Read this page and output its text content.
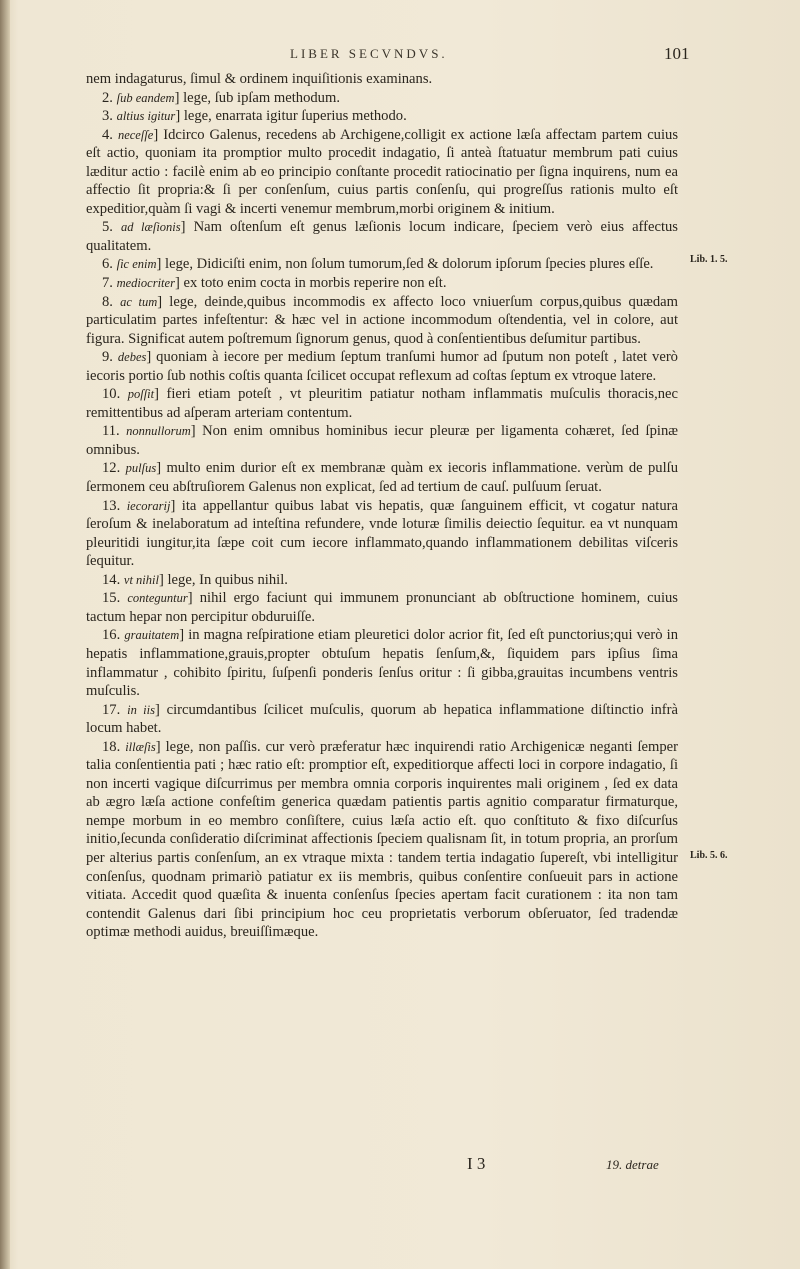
LIBER SECVNDVS.	101

nem indagaturus, ſimul & ordinem inquiſitionis examinans.

2. ſub eandem] lege, ſub ipſam methodum.

3. altius igitur] lege, enarrata igitur ſuperius methodo.

4. neceſſe] Idcirco Galenus, recedens ab Archigene,colligit ex actione læſa affectam partem cuius eſt actio, quoniam ita promptior multo procedit indagatio, ſi anteà ſtatuatur membrum pati cuius læditur actio : facilè enim ab eo principio conſtante procedit ratiocinatio per ſigna inquirens, num ea affectio ſit propria:& ſi per conſenſum, cuius partis conſenſu, qui progreſſus rationis multo eſt expeditior,quàm ſi vagi & incerti venemur membrum,morbi originem & initium.

5. ad læſionis] Nam oſtenſum eſt genus læſionis locum indicare, ſpeciem verò eius affectus qualitatem.

6. ſic enim] lege, Didiciſti enim, non ſolum tumorum,ſed & dolorum ipſorum ſpecies plures eſſe.

7. mediocriter] ex toto enim cocta in morbis reperire non eſt.

8. ac tum] lege, deinde,quibus incommodis ex affecto loco vniuerſum corpus,quibus quædam particulatim partes infeſtentur: & hæc vel in actione incommodum oſtendentia, vel in colore, aut figura. Significat autem poſtremum ſignorum genus, quod à conſentientibus deſumitur partibus.

9. debes] quoniam à iecore per medium ſeptum tranſumi humor ad ſputum non poteſt , latet verò iecoris portio ſub nothis coſtis quanta ſcilicet occupat reflexum ad coſtas ſeptum ex vtroque latere.

10. poſſit] fieri etiam poteſt , vt pleuritim patiatur notham inflammatis muſculis thoracis,nec remittentibus ad aſperam arteriam contentum.

11. nonnullorum] Non enim omnibus hominibus iecur pleuræ per ligamenta cohæret, ſed ſpinæ omnibus.

12. pulſus] multo enim durior eſt ex membranæ quàm ex iecoris inflammatione. verùm de pulſu ſermonem ceu abſtruſiorem Galenus non explicat, ſed ad tertium de cauſ. pulſuum ſeruat.

13. iecorarij] ita appellantur quibus labat vis hepatis, quæ ſanguinem efficit, vt cogatur natura ſeroſum & inelaboratum ad inteſtina refundere, vnde loturæ ſimilis deiectio ſequitur. ea vt nunquam pleuritidi iungitur,ita ſæpe coit cum iecore inflammato,quando inflammationem debilitas viſceris ſequitur.

14. vt nihil] lege, In quibus nihil.

15. conteguntur] nihil ergo faciunt qui immunem pronunciant ab obſtructione hominem, cuius tactum hepar non percipitur obduruiſſe.

16. grauitatem] in magna reſpiratione etiam pleuretici dolor acrior fit, ſed eſt punctorius;qui verò in hepatis inflammatione,grauis,propter obtuſum hepatis ſenſum,&, ſiquidem pars ipſius ſima inflammatur , cohibito ſpiritu, ſuſpenſi ponderis ſenſus oritur : ſi gibba,grauitas incumbens ventris muſculis.

17. in iis] circumdantibus ſcilicet muſculis, quorum ab hepatica inflammatione diſtinctio infrà locum habet.

18. illæſis] lege, non paſſis. cur verò præferatur hæc inquirendi ratio Archigenicæ neganti ſemper talia conſentientia pati ; hæc ratio eſt: promptior eſt, expeditiorque affecti loci in corpore indagatio, ſi non incerti vagique diſcurrimus per membra omnia corporis inquirentes mali originem , ſed ex data ab ægro læſa actione confeſtim generica quædam patientis partis agnitio comparatur firmaturque, nempe morbum in eo membro conſiſtere, cuius læſa actio eſt. quo conſtituto & fixo diſcurſus initio,ſecunda conſideratio diſcriminat affectionis ſpeciem qualisnam ſit, in totum propria, an prorſum per alterius partis conſenſum, an ex vtraque mixta : tandem tertia indagatio ſupereſt, vbi intelligitur conſenſus, quodnam primariò patiatur ex iis membris, quibus conſentire conſueuit pars in actione vitiata. Accedit quod quæſita & inuenta conſenſus ſpecies apertam facit curationem : ita non tam contendit Galenus dari ſibi principium hoc ceu proprietatis verborum obſeruator, ſed tradendæ optimæ methodi auidus, breuiſſimæque.

Lib. 1. 5.
Lib. 5. 6.
I 3	19. detrae
